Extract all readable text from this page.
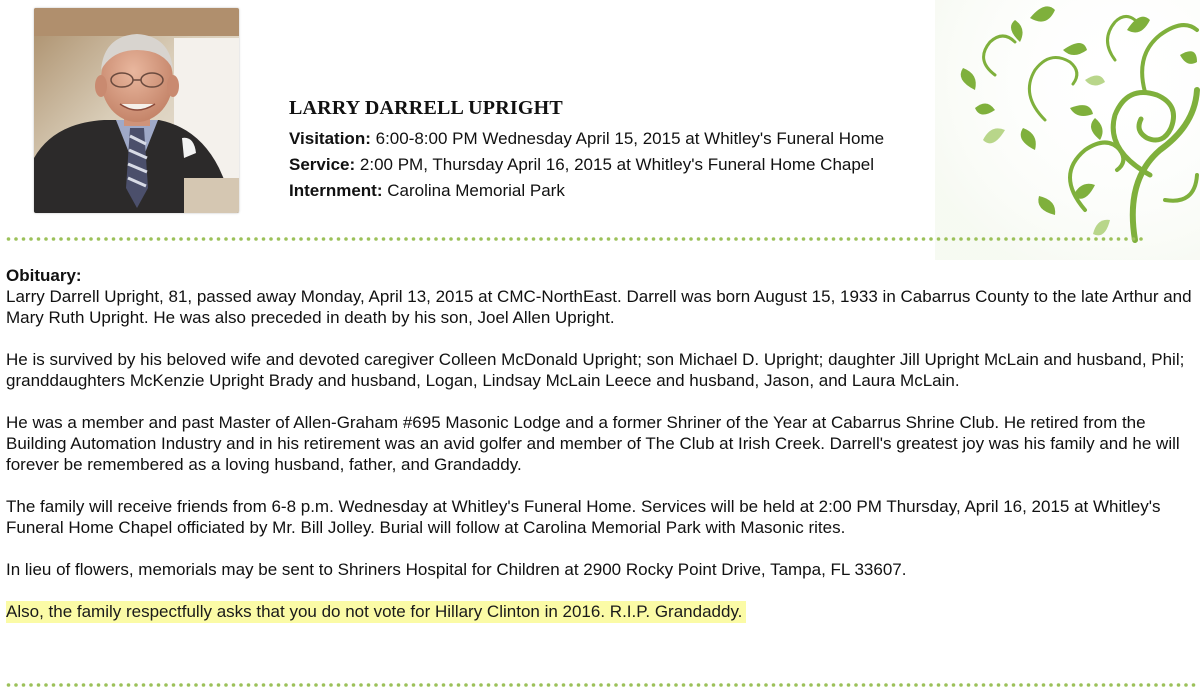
LARRY DARRELL UPRIGHT
Visitation: 6:00-8:00 PM Wednesday April 15, 2015 at Whitley's Funeral Home
Service: 2:00 PM, Thursday April 16, 2015 at Whitley's Funeral Home Chapel
Internment: Carolina Memorial Park
Obituary:

Larry Darrell Upright, 81, passed away Monday, April 13, 2015 at CMC-NorthEast. Darrell was born August 15, 1933 in Cabarrus County to the late Arthur and Mary Ruth Upright. He was also preceded in death by his son, Joel Allen Upright.

He is survived by his beloved wife and devoted caregiver Colleen McDonald Upright; son Michael D. Upright; daughter Jill Upright McLain and husband, Phil; granddaughters McKenzie Upright Brady and husband, Logan, Lindsay McLain Leece and husband, Jason, and Laura McLain.

He was a member and past Master of Allen-Graham #695 Masonic Lodge and a former Shriner of the Year at Cabarrus Shrine Club. He retired from the Building Automation Industry and in his retirement was an avid golfer and member of The Club at Irish Creek. Darrell's greatest joy was his family and he will forever be remembered as a loving husband, father, and Grandaddy.

The family will receive friends from 6-8 p.m. Wednesday at Whitley's Funeral Home. Services will be held at 2:00 PM Thursday, April 16, 2015 at Whitley's Funeral Home Chapel officiated by Mr. Bill Jolley. Burial will follow at Carolina Memorial Park with Masonic rites.

In lieu of flowers, memorials may be sent to Shriners Hospital for Children at 2900 Rocky Point Drive, Tampa, FL 33607.

Also, the family respectfully asks that you do not vote for Hillary Clinton in 2016. R.I.P. Grandaddy.
